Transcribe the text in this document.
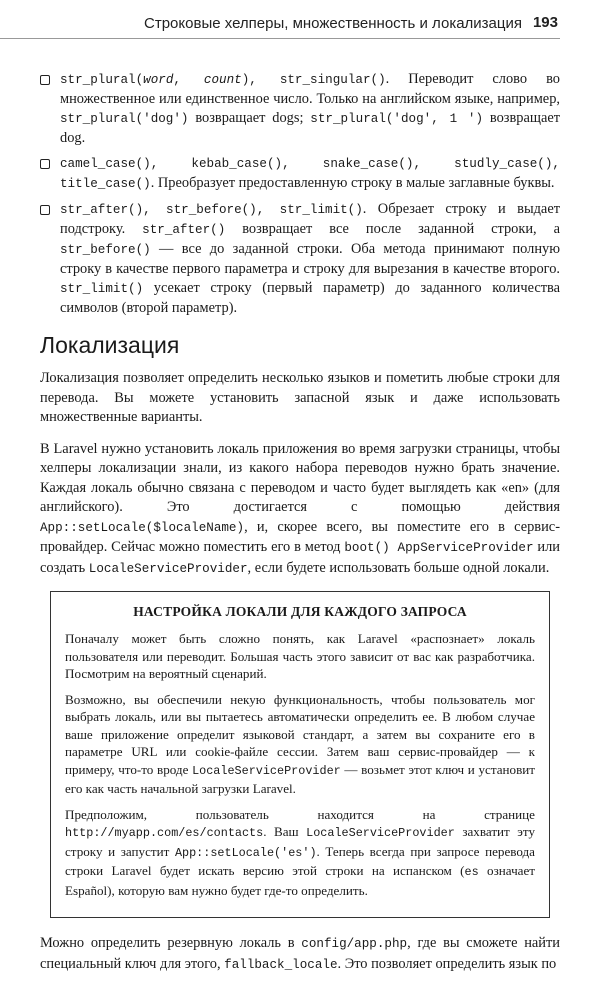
Строковые хелперы, множественность и локализация 193
str_plural(word, count), str_singular(). Переводит слово во множественное или единственное число. Только на английском языке, например, str_plural('dog') возвращает dogs; str_plural('dog', 1 ') возвращает dog.
camel_case(), kebab_case(), snake_case(), studly_case(), title_case(). Преобразует предоставленную строку в малые заглавные буквы.
str_after(), str_before(), str_limit(). Обрезает строку и выдает подстроку. str_after() возвращает все после заданной строки, а str_before() — все до заданной строки. Оба метода принимают полную строку в качестве первого параметра и строку для вырезания в качестве второго. str_limit() усекает строку (первый параметр) до заданного количества символов (второй параметр).
Локализация

Локализация позволяет определить несколько языков и пометить любые строки для перевода. Вы можете установить запасной язык и даже использовать множественные варианты.

В Laravel нужно установить локаль приложения во время загрузки страницы, чтобы хелперы локализации знали, из какого набора переводов нужно брать значение. Каждая локаль обычно связана с переводом и часто будет выглядеть как «en» (для английского). Это достигается с помощью действия App::setLocale($localeName), и, скорее всего, вы поместите его в сервис-провайдер. Сейчас можно поместить его в метод boot() AppServiceProvider или создать LocaleServiceProvider, если будете использовать больше одной локали.

НАСТРОЙКА ЛОКАЛИ ДЛЯ КАЖДОГО ЗАПРОСА

Поначалу может быть сложно понять, как Laravel «распознает» локаль пользователя или переводит. Большая часть этого зависит от вас как разработчика. Посмотрим на вероятный сценарий.

Возможно, вы обеспечили некую функциональность, чтобы пользователь мог выбрать локаль, или вы пытаетесь автоматически определить ее. В любом случае ваше приложение определит языковой стандарт, а затем вы сохраните его в параметре URL или cookie-файле сессии. Затем ваш сервис-провайдер — к примеру, что-то вроде LocaleServiceProvider — возьмет этот ключ и установит его как часть начальной загрузки Laravel.

Предположим, пользователь находится на странице http://myapp.com/es/contacts. Ваш LocaleServiceProvider захватит эту строку и запустит App::setLocale('es'). Теперь всегда при запросе перевода строки Laravel будет искать версию этой строки на испанском (es означает Español), которую вам нужно будет где-то определить.

Можно определить резервную локаль в config/app.php, где вы сможете найти специальный ключ для этого, fallback_locale. Это позволяет определить язык по
